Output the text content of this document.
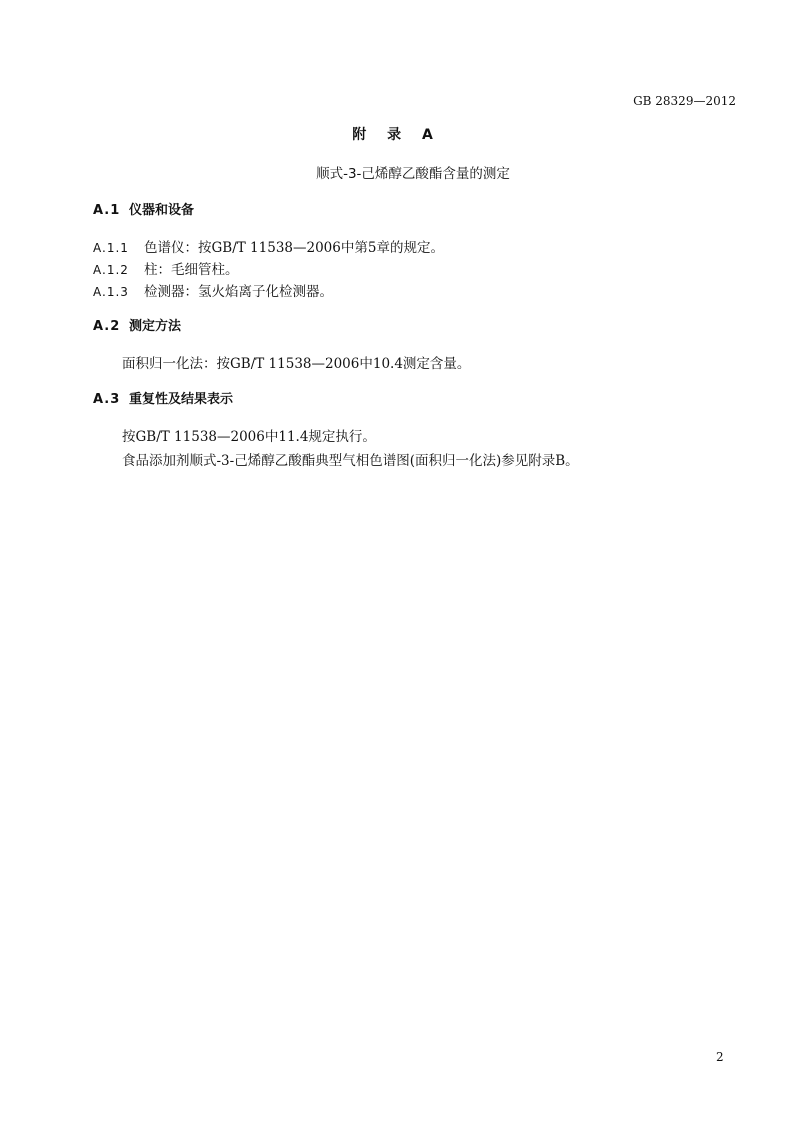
GB 28329—2012
附 录 A
顺式-3-己烯醇乙酸酯含量的测定
A.1 仪器和设备
A.1.1 色谱仪：按GB/T 11538—2006中第5章的规定。
A.1.2 柱：毛细管柱。
A.1.3 检测器：氢火焰离子化检测器。
A.2 测定方法
面积归一化法：按GB/T 11538—2006中10.4测定含量。
A.3 重复性及结果表示
按GB/T 11538—2006中11.4规定执行。
食品添加剂顺式-3-己烯醇乙酸酯典型气相色谱图(面积归一化法)参见附录B。
2
